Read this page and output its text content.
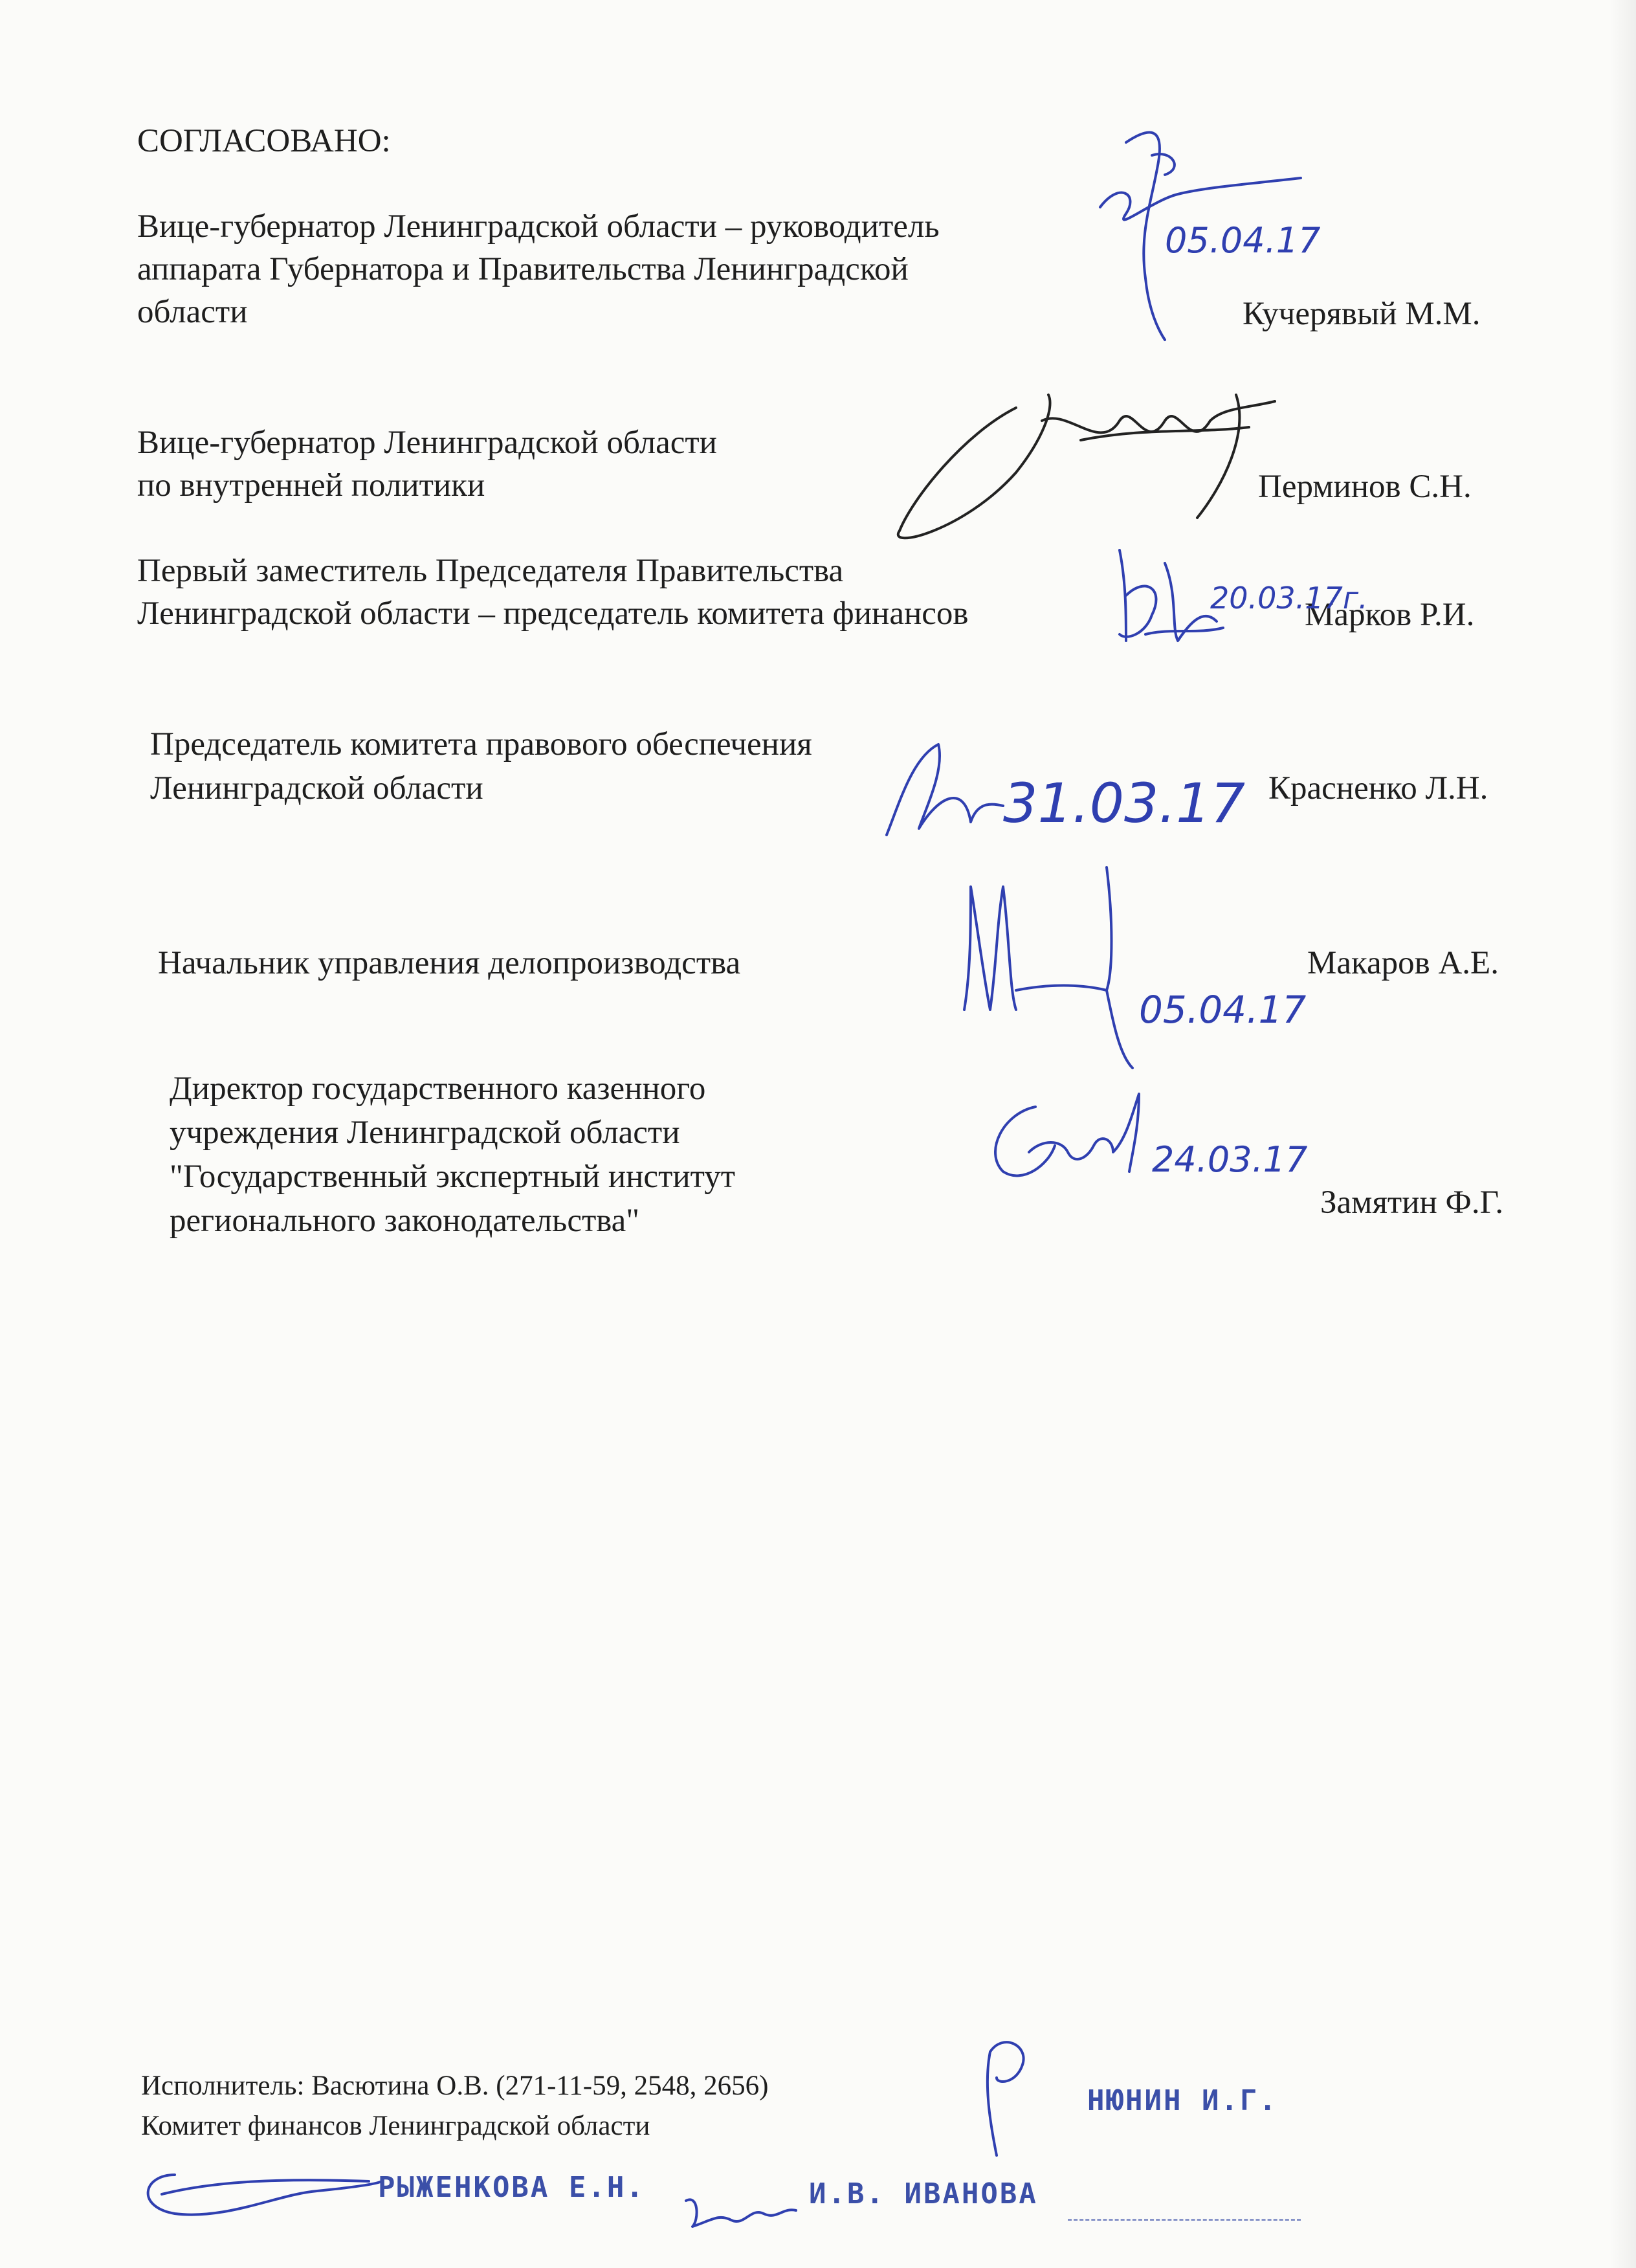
СОГЛАСОВАНО:
Вице-губернатор Ленинградской области – руководитель
аппарата Губернатора и Правительства Ленинградской
области	Кучерявый М.М.
05.04.17
Вице-губернатор Ленинградской области
по внутренней политики	Перминов С.Н.
Первый заместитель Председателя Правительства
Ленинградской области – председатель комитета финансов	Марков Р.И.
20.03.17г.
Председатель комитета правового обеспечения
Ленинградской области	Красненко Л.Н.
31.03.17
Начальник управления делопроизводства	Макаров А.Е.
05.04.17
Директор государственного казенного
учреждения Ленинградской области
"Государственный экспертный институт
регионального законодательства"	Замятин Ф.Г.
24.03.17
Исполнитель: Васютина О.В. (271-11-59, 2548, 2656)
Комитет финансов Ленинградской области
НЮНИН И.Г.
РЫЖЕНКОВА Е.Н.	И.В. ИВАНОВА
